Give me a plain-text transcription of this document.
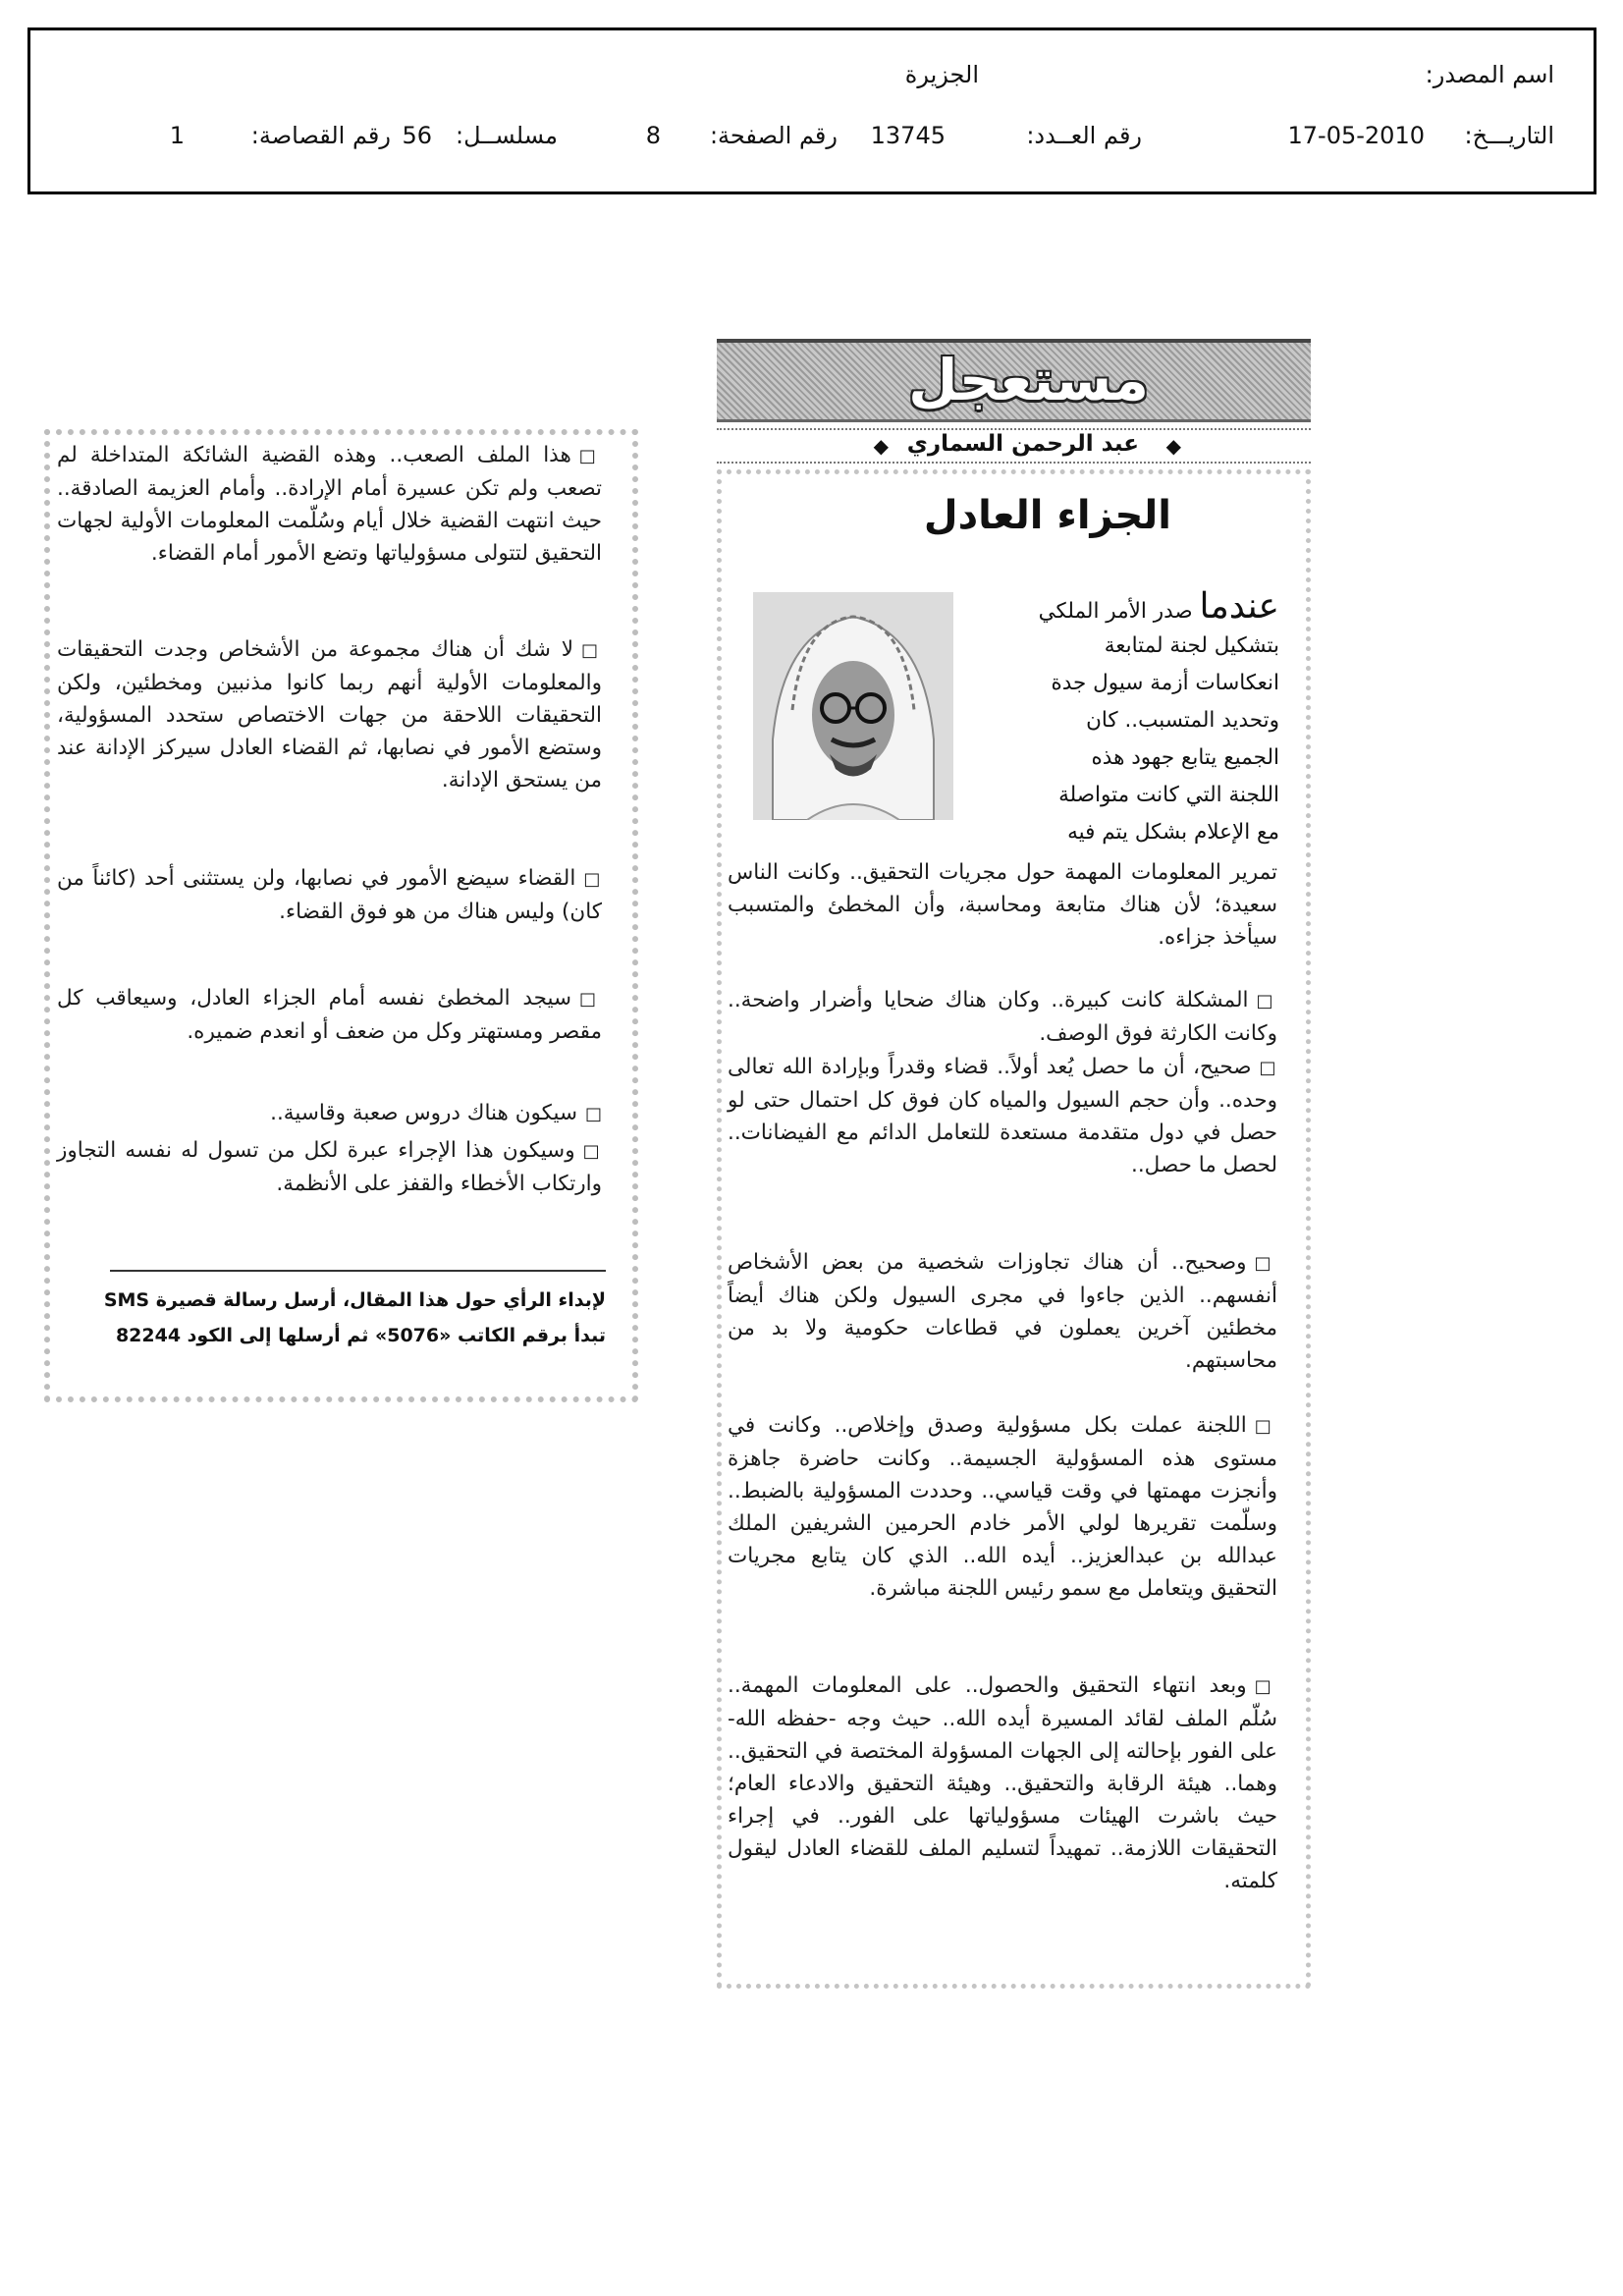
اسم المصدر:
الجزيرة
التاريـــخ:
17-05-2010
رقم العــدد:
13745
رقم الصفحة:
8
مسلســل:
56
رقم القصاصة:
1
مستعجل
◆
عبد الرحمن السماري
◆
الجزاء العادل
عندما صدر الأمر الملكي
بتشكيل لجنة لمتابعة
انعكاسات أزمة سيول جدة
وتحديد المتسبب.. كان
الجميع يتابع جهود هذه
اللجنة التي كانت متواصلة
مع الإعلام بشكل يتم فيه

تمرير المعلومات المهمة حول مجريات التحقيق.. وكانت الناس سعيدة؛ لأن هناك متابعة ومحاسبة، وأن المخطئ والمتسبب سيأخذ جزاءه.

□المشكلة كانت كبيرة.. وكان هناك ضحايا وأضرار واضحة.. وكانت الكارثة فوق الوصف.

□صحيح، أن ما حصل يُعد أولاً.. قضاء وقدراً وبإرادة الله تعالى وحده.. وأن حجم السيول والمياه كان فوق كل احتمال حتى لو حصل في دول متقدمة مستعدة للتعامل الدائم مع الفيضانات.. لحصل ما حصل..

□وصحيح.. أن هناك تجاوزات شخصية من بعض الأشخاص أنفسهم.. الذين جاءوا في مجرى السيول ولكن هناك أيضاً مخطئين آخرين يعملون في قطاعات حكومية ولا بد من محاسبتهم.

□اللجنة عملت بكل مسؤولية وصدق وإخلاص.. وكانت في مستوى هذه المسؤولية الجسيمة.. وكانت حاضرة جاهزة وأنجزت مهمتها في وقت قياسي.. وحددت المسؤولية بالضبط.. وسلّمت تقريرها لولي الأمر خادم الحرمين الشريفين الملك عبدالله بن عبدالعزيز.. أيده الله.. الذي كان يتابع مجريات التحقيق ويتعامل مع سمو رئيس اللجنة مباشرة.

□وبعد انتهاء التحقيق والحصول.. على المعلومات المهمة.. سُلّم الملف لقائد المسيرة أيده الله.. حيث وجه -حفظه الله- على الفور بإحالته إلى الجهات المسؤولة المختصة في التحقيق.. وهما.. هيئة الرقابة والتحقيق.. وهيئة التحقيق والادعاء العام؛ حيث باشرت الهيئات مسؤولياتها على الفور.. في إجراء التحقيقات اللازمة.. تمهيداً لتسليم الملف للقضاء العادل ليقول كلمته.

□هذا الملف الصعب.. وهذه القضية الشائكة المتداخلة لم تصعب ولم تكن عسيرة أمام الإرادة.. وأمام العزيمة الصادقة.. حيث انتهت القضية خلال أيام وسُلّمت المعلومات الأولية لجهات التحقيق لتتولى مسؤولياتها وتضع الأمور أمام القضاء.

□لا شك أن هناك مجموعة من الأشخاص وجدت التحقيقات والمعلومات الأولية أنهم ربما كانوا مذنبين ومخطئين، ولكن التحقيقات اللاحقة من جهات الاختصاص ستحدد المسؤولية، وستضع الأمور في نصابها، ثم القضاء العادل سيركز الإدانة عند من يستحق الإدانة.

□القضاء سيضع الأمور في نصابها، ولن يستثنى أحد (كائناً من كان) وليس هناك من هو فوق القضاء.

□سيجد المخطئ نفسه أمام الجزاء العادل، وسيعاقب كل مقصر ومستهتر وكل من ضعف أو انعدم ضميره.

□سيكون هناك دروس صعبة وقاسية..

□وسيكون هذا الإجراء عبرة لكل من تسول له نفسه التجاوز وارتكاب الأخطاء والقفز على الأنظمة.

لإبداء الرأي حول هذا المقال، أرسل رسالة قصيرة SMS
تبدأ برقم الكاتب «5076» ثم أرسلها إلى الكود 82244
